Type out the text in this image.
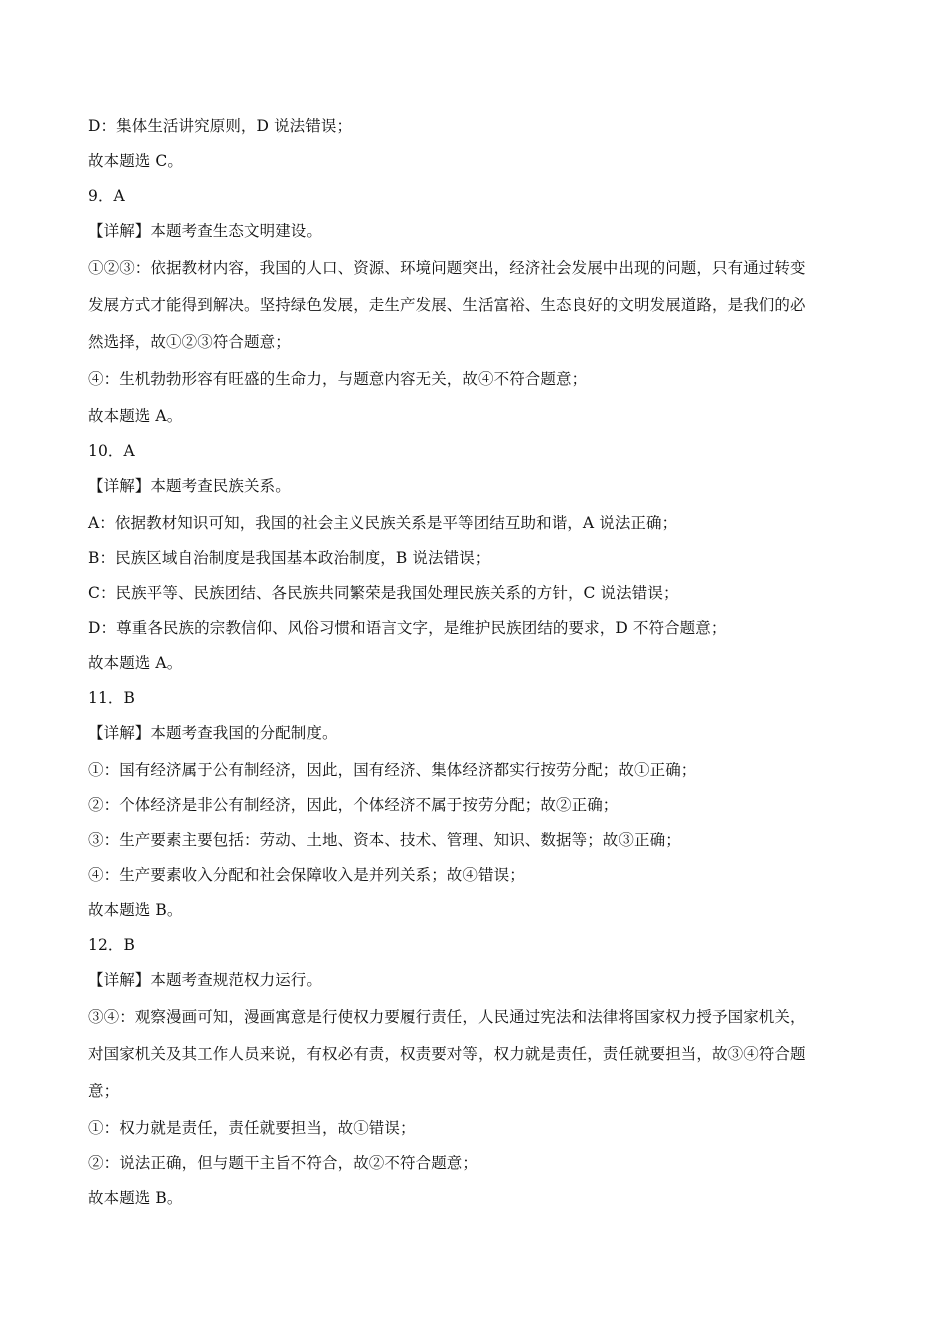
D：集体生活讲究原则，D 说法错误；
故本题选 C。
9．A
【详解】本题考查生态文明建设。
①②③：依据教材内容，我国的人口、资源、环境问题突出，经济社会发展中出现的问题，只有通过转变
发展方式才能得到解决。坚持绿色发展，走生产发展、生活富裕、生态良好的文明发展道路，是我们的必
然选择，故①②③符合题意；
④：生机勃勃形容有旺盛的生命力，与题意内容无关，故④不符合题意；
故本题选 A。
10．A
【详解】本题考查民族关系。
A：依据教材知识可知，我国的社会主义民族关系是平等团结互助和谐，A 说法正确；
B：民族区域自治制度是我国基本政治制度，B 说法错误；
C：民族平等、民族团结、各民族共同繁荣是我国处理民族关系的方针，C 说法错误；
D：尊重各民族的宗教信仰、风俗习惯和语言文字，是维护民族团结的要求，D 不符合题意；
故本题选 A。
11．B
【详解】本题考查我国的分配制度。
①：国有经济属于公有制经济，因此，国有经济、集体经济都实行按劳分配；故①正确；
②：个体经济是非公有制经济，因此，个体经济不属于按劳分配；故②正确；
③：生产要素主要包括：劳动、土地、资本、技术、管理、知识、数据等；故③正确；
④：生产要素收入分配和社会保障收入是并列关系；故④错误；
故本题选 B。
12．B
【详解】本题考查规范权力运行。
③④：观察漫画可知，漫画寓意是行使权力要履行责任，人民通过宪法和法律将国家权力授予国家机关，
对国家机关及其工作人员来说，有权必有责，权责要对等，权力就是责任，责任就要担当，故③④符合题
意；
①：权力就是责任，责任就要担当，故①错误；
②：说法正确，但与题干主旨不符合，故②不符合题意；
故本题选 B。
